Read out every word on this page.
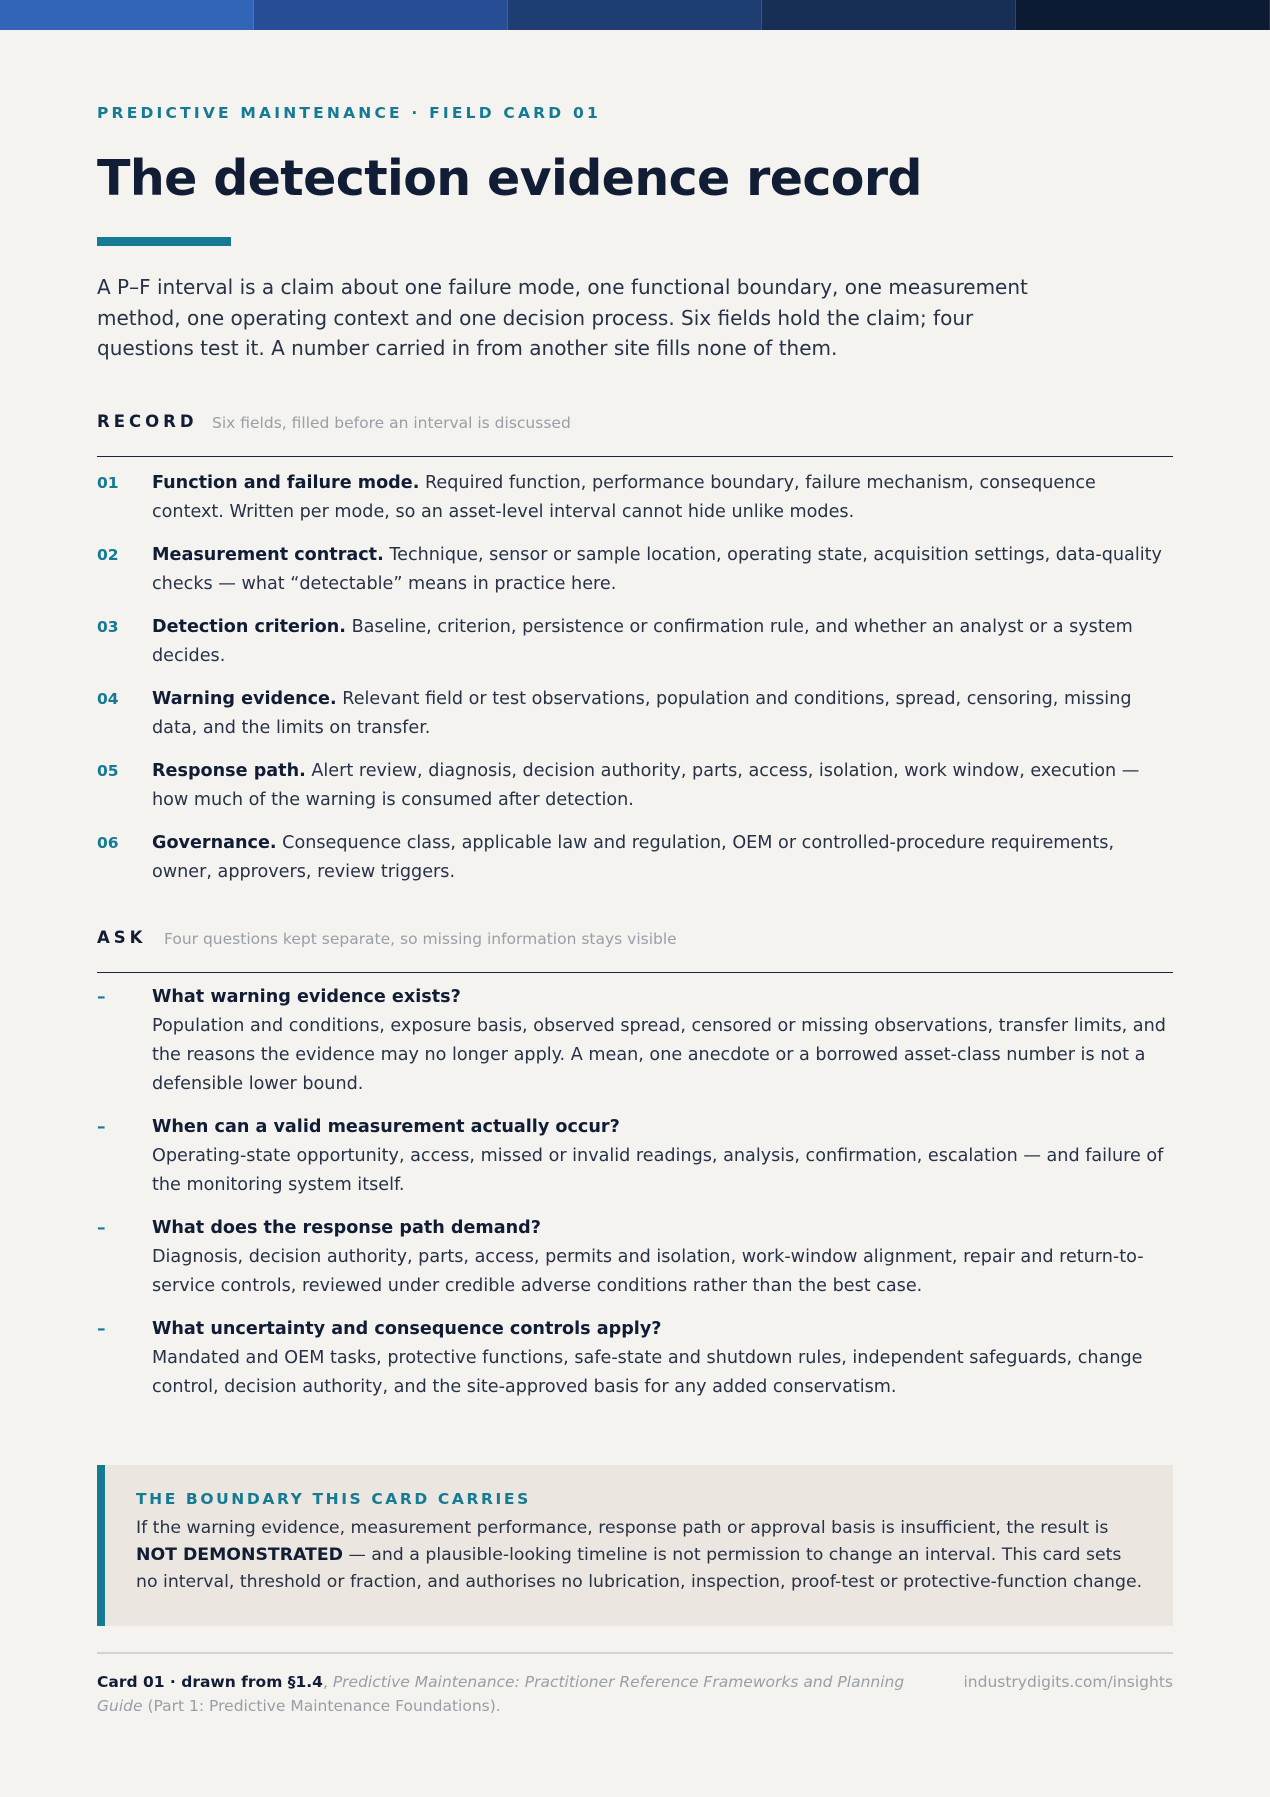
PREDICTIVE MAINTENANCE · FIELD CARD 01
The detection evidence record

A P–F interval is a claim about one failure mode, one functional boundary, one measurement method, one operating context and one decision process. Six fields hold the claim; four questions test it. A number carried in from another site fills none of them.

RECORD Six fields, filled before an interval is discussed
01 Function and failure mode. Required function, performance boundary, failure mechanism, consequence context. Written per mode, so an asset-level interval cannot hide unlike modes.
02 Measurement contract. Technique, sensor or sample location, operating state, acquisition settings, data-quality checks — what “detectable” means in practice here.
03 Detection criterion. Baseline, criterion, persistence or confirmation rule, and whether an analyst or a system decides.
04 Warning evidence. Relevant field or test observations, population and conditions, spread, censoring, missing data, and the limits on transfer.
05 Response path. Alert review, diagnosis, decision authority, parts, access, isolation, work window, execution — how much of the warning is consumed after detection.
06 Governance. Consequence class, applicable law and regulation, OEM or controlled-procedure requirements, owner, approvers, review triggers.
ASK Four questions kept separate, so missing information stays visible
–	What warning evidence exists?
Population and conditions, exposure basis, observed spread, censored or missing observations, transfer limits, and the reasons the evidence may no longer apply. A mean, one anecdote or a borrowed asset-class number is not a defensible lower bound.
–	When can a valid measurement actually occur?
Operating-state opportunity, access, missed or invalid readings, analysis, confirmation, escalation — and failure of the monitoring system itself.
–	What does the response path demand?
Diagnosis, decision authority, parts, access, permits and isolation, work-window alignment, repair and return-to-service controls, reviewed under credible adverse conditions rather than the best case.
–	What uncertainty and consequence controls apply?
Mandated and OEM tasks, protective functions, safe-state and shutdown rules, independent safeguards, change control, decision authority, and the site-approved basis for any added conservatism.
THE BOUNDARY THIS CARD CARRIES
If the warning evidence, measurement performance, response path or approval basis is insufficient, the result is NOT DEMONSTRATED — and a plausible-looking timeline is not permission to change an interval. This card sets no interval, threshold or fraction, and authorises no lubrication, inspection, proof-test or protective-function change.
Card 01 · drawn from §1.4, Predictive Maintenance: Practitioner Reference Frameworks and Planning Guide (Part 1: Predictive Maintenance Foundations).
industrydigits.com/insights
